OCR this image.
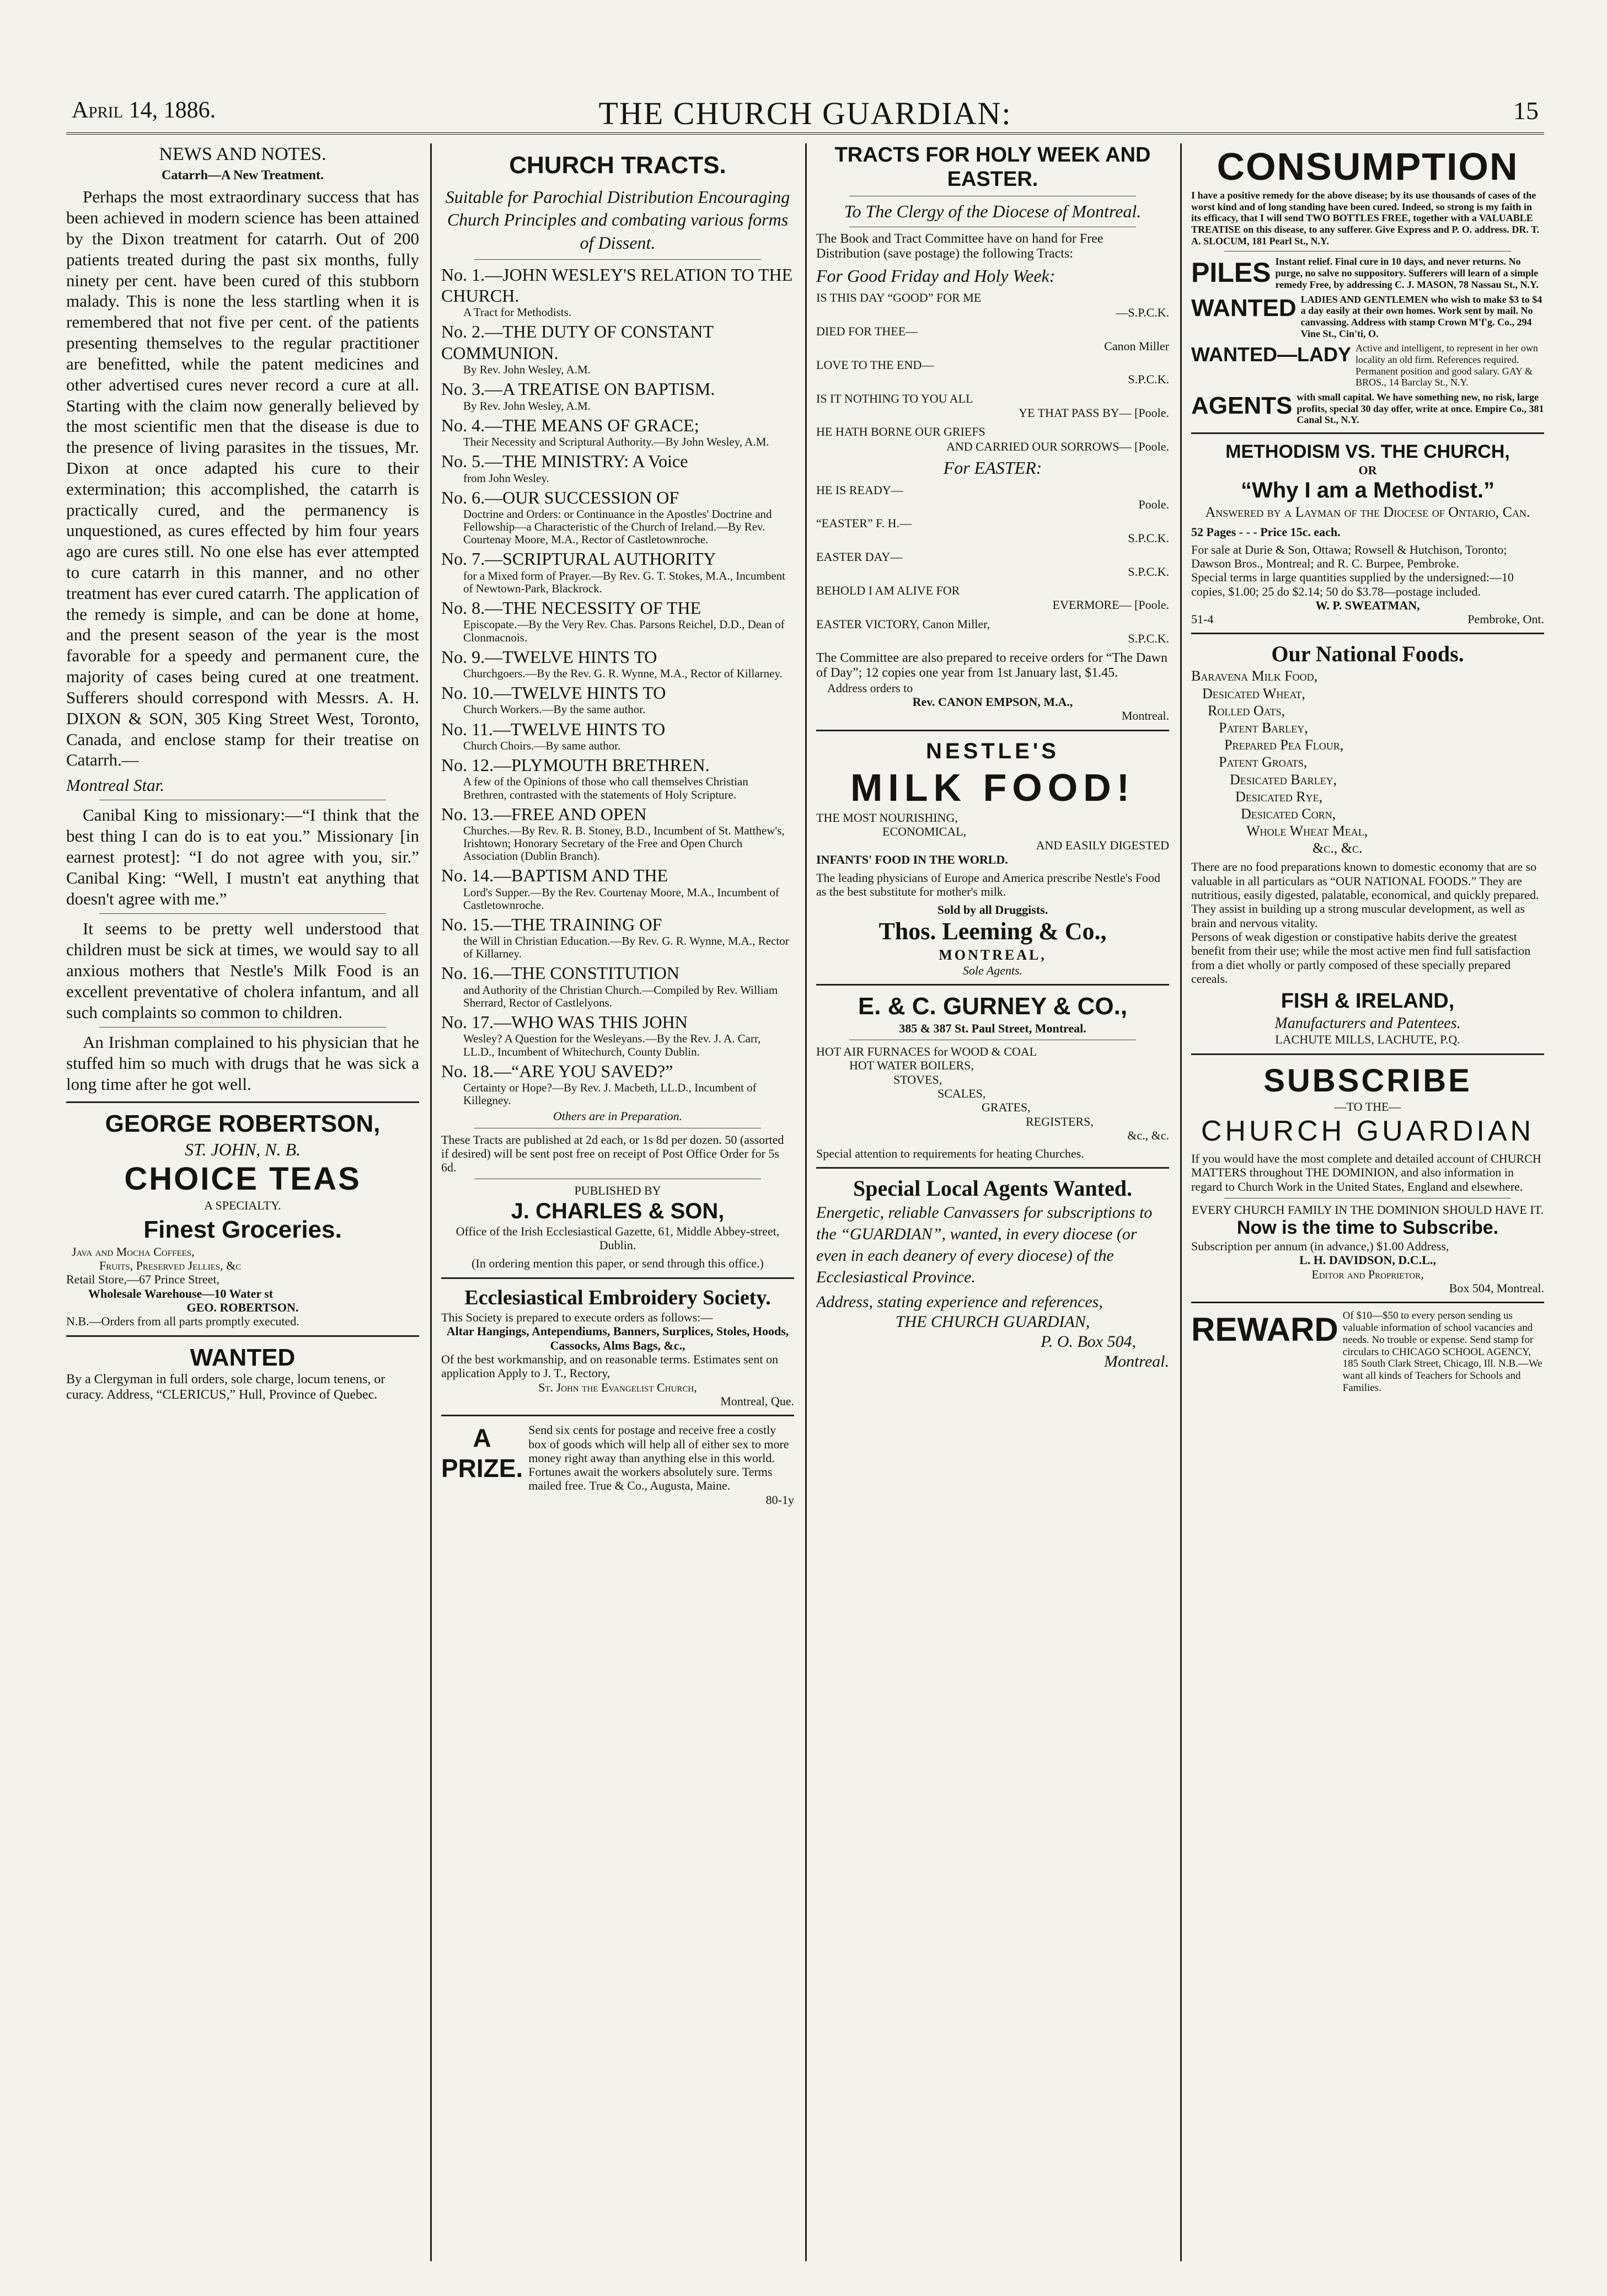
April 14, 1886.	THE CHURCH GUARDIAN:	15
NEWS AND NOTES.
Catarrh—A New Treatment.

Perhaps the most extraordinary success that has been achieved in modern science has been attained by the Dixon treatment for catarrh. Out of 200 patients treated during the past six months, fully ninety per cent. have been cured of this stubborn malady. This is none the less startling when it is remembered that not five per cent. of the patients presenting themselves to the regular practitioner are benefitted, while the patent medicines and other advertised cures never record a cure at all. Starting with the claim now generally believed by the most scientific men that the disease is due to the presence of living parasites in the tissues, Mr. Dixon at once adapted his cure to their extermination; this accomplished, the catarrh is practically cured, and the permanency is unquestioned, as cures effected by him four years ago are cures still. No one else has ever attempted to cure catarrh in this manner, and no other treatment has ever cured catarrh. The application of the remedy is simple, and can be done at home, and the present season of the year is the most favorable for a speedy and permanent cure, the majority of cases being cured at one treatment. Sufferers should correspond with Messrs. A. H. DIXON & SON, 305 King Street West, Toronto, Canada, and enclose stamp for their treatise on Catarrh.—

Montreal Star.

Canibal King to missionary:—“I think that the best thing I can do is to eat you.” Missionary [in earnest protest]: “I do not agree with you, sir.” Canibal King: “Well, I mustn't eat anything that doesn't agree with me.”

It seems to be pretty well understood that children must be sick at times, we would say to all anxious mothers that Nestle's Milk Food is an excellent preventative of cholera infantum, and all such complaints so common to children.

An Irishman complained to his physician that he stuffed him so much with drugs that he was sick a long time after he got well.

GEORGE ROBERTSON,
ST. JOHN, N. B.
CHOICE TEAS
A SPECIALTY.
Finest Groceries.
Java and Mocha Coffees,
Fruits, Preserved Jellies, &c
Retail Store,—67 Prince Street,
Wholesale Warehouse—10 Water st
GEO. ROBERTSON.
N.B.—Orders from all parts promptly executed.
WANTED
By a Clergyman in full orders, sole charge, locum tenens, or curacy. Address, “CLERICUS,” Hull, Province of Quebec.
CHURCH TRACTS.
Suitable for Parochial Distribution Encouraging Church Principles and combating various forms of Dissent.
No. 1.—JOHN WESLEY'S RELATION TO THE CHURCH.
A Tract for Methodists.
No. 2.—THE DUTY OF CONSTANT COMMUNION.
By Rev. John Wesley, A.M.
No. 3.—A TREATISE ON BAPTISM.
By Rev. John Wesley, A.M.
No. 4.—THE MEANS OF GRACE;
Their Necessity and Scriptural Authority.—By John Wesley, A.M.
No. 5.—THE MINISTRY: A Voice
from John Wesley.
No. 6.—OUR SUCCESSION OF
Doctrine and Orders: or Continuance in the Apostles' Doctrine and Fellowship—a Characteristic of the Church of Ireland.—By Rev. Courtenay Moore, M.A., Rector of Castletownroche.
No. 7.—SCRIPTURAL AUTHORITY
for a Mixed form of Prayer.—By Rev. G. T. Stokes, M.A., Incumbent of Newtown-Park, Blackrock.
No. 8.—THE NECESSITY OF THE
Episcopate.—By the Very Rev. Chas. Parsons Reichel, D.D., Dean of Clonmacnois.
No. 9.—TWELVE HINTS TO
Churchgoers.—By the Rev. G. R. Wynne, M.A., Rector of Killarney.
No. 10.—TWELVE HINTS TO
Church Workers.—By the same author.
No. 11.—TWELVE HINTS TO
Church Choirs.—By same author.
No. 12.—PLYMOUTH BRETHREN.
A few of the Opinions of those who call themselves Christian Brethren, contrasted with the statements of Holy Scripture.
No. 13.—FREE AND OPEN
Churches.—By Rev. R. B. Stoney, B.D., Incumbent of St. Matthew's, Irishtown; Honorary Secretary of the Free and Open Church Association (Dublin Branch).
No. 14.—BAPTISM AND THE
Lord's Supper.—By the Rev. Courtenay Moore, M.A., Incumbent of Castletownroche.
No. 15.—THE TRAINING OF
the Will in Christian Education.—By Rev. G. R. Wynne, M.A., Rector of Killarney.
No. 16.—THE CONSTITUTION
and Authority of the Christian Church.—Compiled by Rev. William Sherrard, Rector of Castlelyons.
No. 17.—WHO WAS THIS JOHN
Wesley? A Question for the Wesleyans.—By the Rev. J. A. Carr, LL.D., Incumbent of Whitechurch, County Dublin.
No. 18.—“ARE YOU SAVED?”
Certainty or Hope?—By Rev. J. Macbeth, LL.D., Incumbent of Killegney.
Others are in Preparation.
These Tracts are published at 2d each, or 1s 8d per dozen. 50 (assorted if desired) will be sent post free on receipt of Post Office Order for 5s 6d.
PUBLISHED BY
J. CHARLES & SON,
Office of the Irish Ecclesiastical Gazette, 61, Middle Abbey-street, Dublin.
(In ordering mention this paper, or send through this office.)
Ecclesiastical Embroidery Society.
This Society is prepared to execute orders as follows:—
Altar Hangings, Antependiums, Banners, Surplices, Stoles, Hoods, Cassocks, Alms Bags, &c.,
Of the best workmanship, and on reasonable terms. Estimates sent on application Apply to J. T., Rectory,
St. John the Evangelist Church,
Montreal, Que.
A PRIZE.
Send six cents for postage and receive free a costly box of goods which will help all of either sex to more money right away than anything else in this world. Fortunes await the workers absolutely sure. Terms mailed free. True & Co., Augusta, Maine.
80-1y
TRACTS FOR HOLY WEEK AND EASTER.
To The Clergy of the Diocese of Montreal.
The Book and Tract Committee have on hand for Free Distribution (save postage) the following Tracts:
For Good Friday and Holy Week:
IS THIS DAY “GOOD” FOR ME
—S.P.C.K.
DIED FOR THEE—
Canon Miller
LOVE TO THE END—
S.P.C.K.
IS IT NOTHING TO YOU ALL
YE THAT PASS BY— [Poole.
HE HATH BORNE OUR GRIEFS
AND CARRIED OUR SORROWS— [Poole.
For EASTER:
HE IS READY—
Poole.
“EASTER” F. H.—
S.P.C.K.
EASTER DAY—
S.P.C.K.
BEHOLD I AM ALIVE FOR
EVERMORE— [Poole.
EASTER VICTORY, Canon Miller,
S.P.C.K.
The Committee are also prepared to receive orders for “The Dawn of Day”; 12 copies one year from 1st January last, $1.45.
Address orders to
Rev. CANON EMPSON, M.A.,
Montreal.
NESTLE'S
MILK FOOD!
THE MOST NOURISHING,
ECONOMICAL,
AND EASILY DIGESTED
INFANTS' FOOD IN THE WORLD.
The leading physicians of Europe and America prescribe Nestle's Food as the best substitute for mother's milk.
Sold by all Druggists.
Thos. Leeming & Co.,
MONTREAL,
Sole Agents.
E. & C. GURNEY & CO.,
385 & 387 St. Paul Street, Montreal.
HOT AIR FURNACES for WOOD & COAL
HOT WATER BOILERS,
STOVES,
SCALES,
GRATES,
REGISTERS,
&c., &c.
Special attention to requirements for heating Churches.
Special Local Agents Wanted.
Energetic, reliable Canvassers for subscriptions to the “GUARDIAN”, wanted, in every diocese (or even in each deanery of every diocese) of the Ecclesiastical Province.
Address, stating experience and references,
THE CHURCH GUARDIAN,
P. O. Box 504,
Montreal.
CONSUMPTION
I have a positive remedy for the above disease; by its use thousands of cases of the worst kind and of long standing have been cured. Indeed, so strong is my faith in its efficacy, that I will send TWO BOTTLES FREE, together with a VALUABLE TREATISE on this disease, to any sufferer. Give Express and P. O. address. DR. T. A. SLOCUM, 181 Pearl St., N.Y.
PILES Instant relief. Final cure in 10 days, and never returns. No purge, no salve no suppository. Sufferers will learn of a simple remedy Free, by addressing C. J. MASON, 78 Nassau St., N.Y.
WANTED LADIES AND GENTLEMEN who wish to make $3 to $4 a day easily at their own homes. Work sent by mail. No canvassing. Address with stamp Crown M'f'g. Co., 294 Vine St., Cin'ti, O.
WANTED—LADY Active and intelligent, to represent in her own locality an old firm. References required. Permanent position and good salary. GAY & BROS., 14 Barclay St., N.Y.
AGENTS with small capital. We have something new, no risk, large profits, special 30 day offer, write at once. Empire Co., 381 Canal St., N.Y.
METHODISM VS. THE CHURCH,
OR
“Why I am a Methodist.”
Answered by a Layman of the Diocese of Ontario, Can.
52 Pages - - - Price 15c. each.
For sale at Durie & Son, Ottawa; Rowsell & Hutchison, Toronto; Dawson Bros., Montreal; and R. C. Burpee, Pembroke.
Special terms in large quantities supplied by the undersigned:—10 copies, $1.00; 25 do $2.14; 50 do $3.78—postage included.
W. P. SWEATMAN,
51-4	Pembroke, Ont.
Our National Foods.
Baravena Milk Food,
Desicated Wheat,
Rolled Oats,
Patent Barley,
Prepared Pea Flour,
Patent Groats,
Desicated Barley,
Desicated Rye,
Desicated Corn,
Whole Wheat Meal,
&c., &c.
There are no food preparations known to domestic economy that are so valuable in all particulars as “OUR NATIONAL FOODS.” They are nutritious, easily digested, palatable, economical, and quickly prepared. They assist in building up a strong muscular development, as well as brain and nervous vitality.
Persons of weak digestion or constipative habits derive the greatest benefit from their use; while the most active men find full satisfaction from a diet wholly or partly composed of these specially prepared cereals.
FISH & IRELAND,
Manufacturers and Patentees.
LACHUTE MILLS, LACHUTE, P.Q.
SUBSCRIBE
—TO THE—
CHURCH GUARDIAN
If you would have the most complete and detailed account of CHURCH MATTERS throughout THE DOMINION, and also information in regard to Church Work in the United States, England and elsewhere.
EVERY CHURCH FAMILY IN THE DOMINION SHOULD HAVE IT.
Now is the time to Subscribe.
Subscription per annum (in advance,) $1.00 Address,
L. H. DAVIDSON, D.C.L.,
Editor and Proprietor,
Box 504, Montreal.
REWARD Of $10—$50 to every person sending us valuable information of school vacancies and needs. No trouble or expense. Send stamp for circulars to CHICAGO SCHOOL AGENCY, 185 South Clark Street, Chicago, Ill. N.B.—We want all kinds of Teachers for Schools and Families.
